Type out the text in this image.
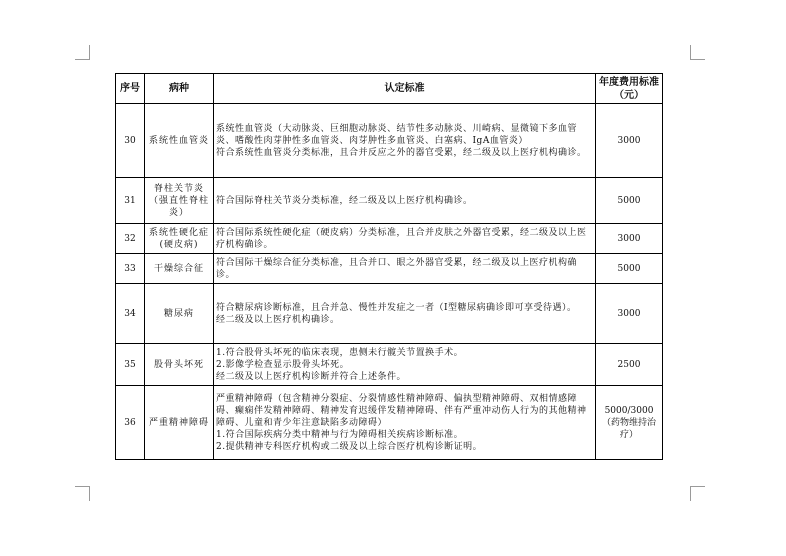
序号	病种	认定标准	年度费用标准（元）
30	系统性血管炎	系统性血管炎（大动脉炎、巨细胞动脉炎、结节性多动脉炎、川崎病、显微镜下多血管炎、嗜酸性肉芽肿性多血管炎、肉芽肿性多血管炎、白塞病、IgA血管炎）
符合系统性血管炎分类标准，且合并反应之外的器官受累，经二级及以上医疗机构确诊。	3000
31	脊柱关节炎（强直性脊柱炎）	符合国际脊柱关节炎分类标准，经二级及以上医疗机构确诊。	5000
32	系统性硬化症(硬皮病)	符合国际系统性硬化症（硬皮病）分类标准，且合并皮肤之外器官受累，经二级及以上医疗机构确诊。	3000
33	干燥综合征	符合国际干燥综合征分类标准，且合并口、眼之外器官受累，经二级及以上医疗机构确诊。	5000
34	糖尿病	符合糖尿病诊断标准，且合并急、慢性并发症之一者（Ⅰ型糖尿病确诊即可享受待遇）。
经二级及以上医疗机构确诊。	3000
35	股骨头坏死	1.符合股骨头坏死的临床表现，患侧未行髋关节置换手术。
2.影像学检查显示股骨头坏死。
经二级及以上医疗机构诊断并符合上述条件。	2500
36	严重精神障碍	严重精神障碍（包含精神分裂症、分裂情感性精神障碍、偏执型精神障碍、双相情感障碍、癫痫伴发精神障碍、精神发育迟缓伴发精神障碍、伴有严重冲动伤人行为的其他精神障碍、儿童和青少年注意缺陷多动障碍）
1.符合国际疾病分类中精神与行为障碍相关疾病诊断标准。
2.提供精神专科医疗机构或二级及以上综合医疗机构诊断证明。	5000/3000（药物维持治疗）
